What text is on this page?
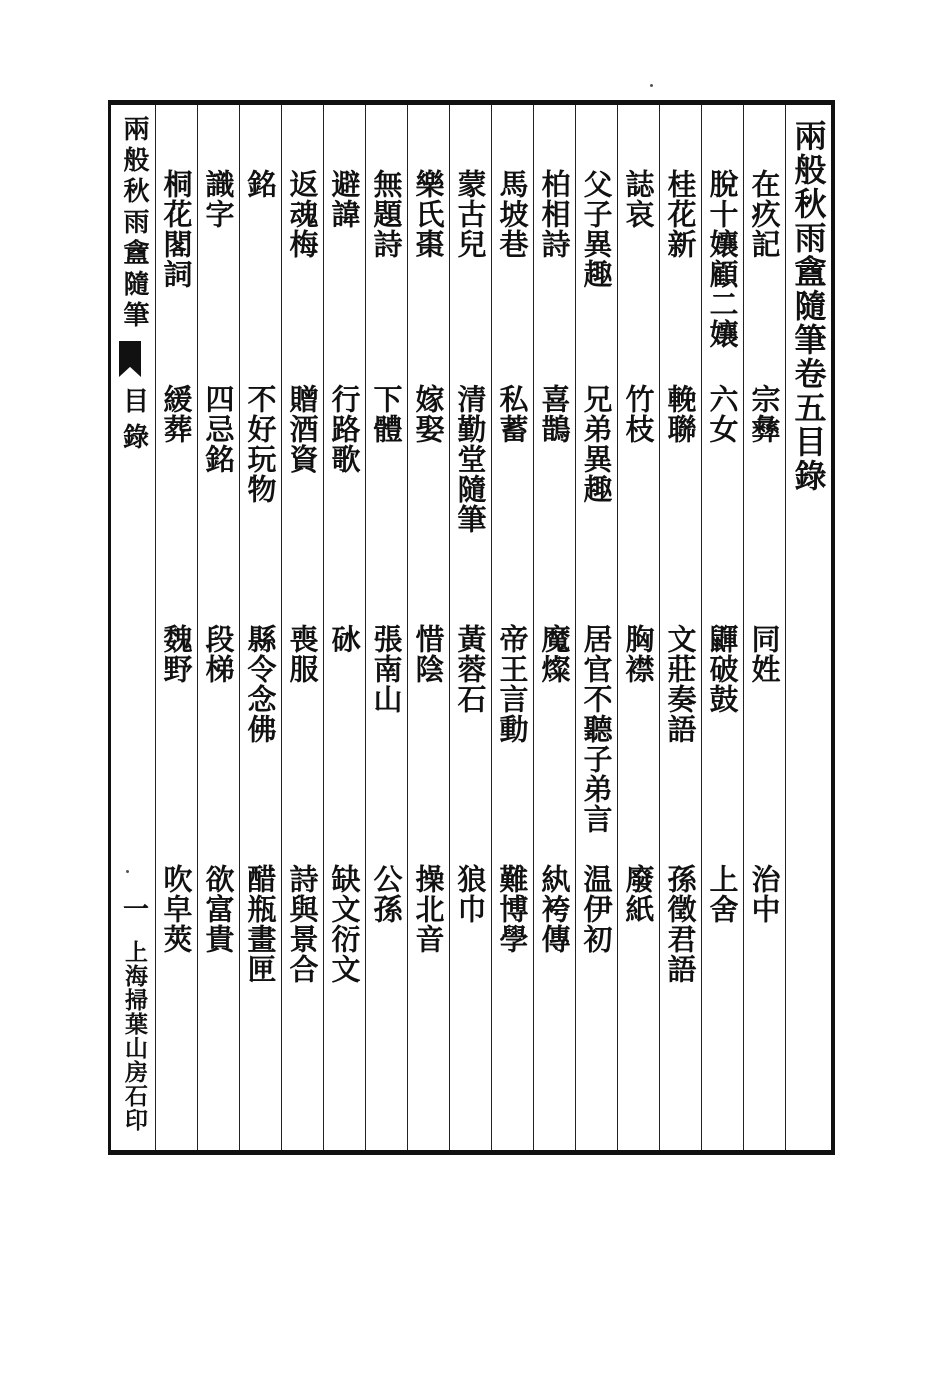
兩般秋雨盦隨筆
目錄
一
上海掃葉山房石印
兩般秋雨盦隨筆卷五目錄
在疚記
宗彝
同姓
治中
脫十孃顧二孃
六女
鼲破鼓
上舍
桂花新
輓聯
文莊奏語
孫徵君語
誌哀
竹枝
胸襟
廢紙
父子異趣
兄弟異趣
居官不聽子弟言
温伊初
柏相詩
喜鵲
魔燦
紈袴傳
馬坡巷
私蓄
帝王言動
難博學
蒙古兒
清勤堂隨筆
黃蓉石
狼巾
樂氏棗
嫁娶
惜陰
操北音
無題詩
下體
張南山
公孫
避諱
行路歌
砅
缺文衍文
返魂梅
贈酒資
喪服
詩與景合
銘
不好玩物
縣令念佛
醋瓶畫匣
識字
四忌銘
段梯
欲富貴
桐花閣詞
緩葬
魏野
吹皁莢
